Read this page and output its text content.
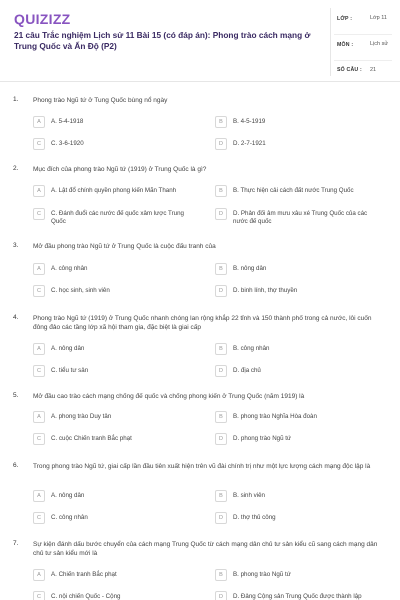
QUIZIZZ
21 câu Trắc nghiệm Lịch sử 11 Bài 15 (có đáp án): Phong trào cách mạng ở Trung Quốc và Ấn Độ (P2)
LỚP :	Lớp 11
MÔN :	Lịch sử
SỐ CÂU : 21
1. Phong trào Ngũ tứ ở Tung Quốc bùng nổ ngày
A	A. 5-4-1918	B	B. 4-5-1919
C	C. 3-6-1920	D	D. 2-7-1921
2. Mục đích của phong trào Ngũ tứ (1919) ở Trung Quốc là gì?
A	A. Lật đổ chính quyền phong kiến Mãn Thanh	B	B. Thực hiện cải cách đất nước Trung Quốc
C	C. Đánh đuổi các nước đế quốc xâm lược Trung Quốc
D	D. Phản đối âm mưu xâu xé Trung Quốc của các nước đế quốc
3. Mở đầu phong trào Ngũ tứ ở Trung Quốc là cuộc đấu tranh của
A	A. công nhân	B	B. nông dân
C	C. học sinh, sinh viên	D	D. binh lính, thợ thuyền
4. Phong trào Ngũ tứ (1919) ở Trung Quốc nhanh chóng lan rộng khắp 22 tỉnh và 150 thành phố trong cả nước, lôi cuốn đông đảo các tầng lớp xã hội tham gia, đặc biệt là giai cấp
A	A. nông dân	B	B. công nhân
C	C. tiểu tư sản	D	D. địa chủ
5. Mở đầu cao trào cách mạng chống đế quốc và chống phong kiến ở Trung Quốc (năm 1919) là
A	A. phong trào Duy tân	B	B. phong trào Nghĩa Hòa đoàn
C	C. cuộc Chiến tranh Bắc phạt	D	D. phong trào Ngũ tứ
6. Trong phong trào Ngũ tứ, giai cấp lần đầu tiên xuất hiện trên vũ đài chính trị như một lực lượng cách mạng độc lập là
A	A. nông dân	B	B. sinh viên
C	C. công nhân	D	D. thợ thủ công
7. Sự kiện đánh dấu bước chuyển của cách mạng Trung Quốc từ cách mạng dân chủ tư sản kiểu cũ sang cách mạng dân chủ tư sản kiểu mới là
A	A. Chiến tranh Bắc phạt	B	B. phong trào Ngũ tứ
C	C. nội chiến Quốc - Cộng	D	D. Đảng Cộng sản Trung Quốc được thành lập
